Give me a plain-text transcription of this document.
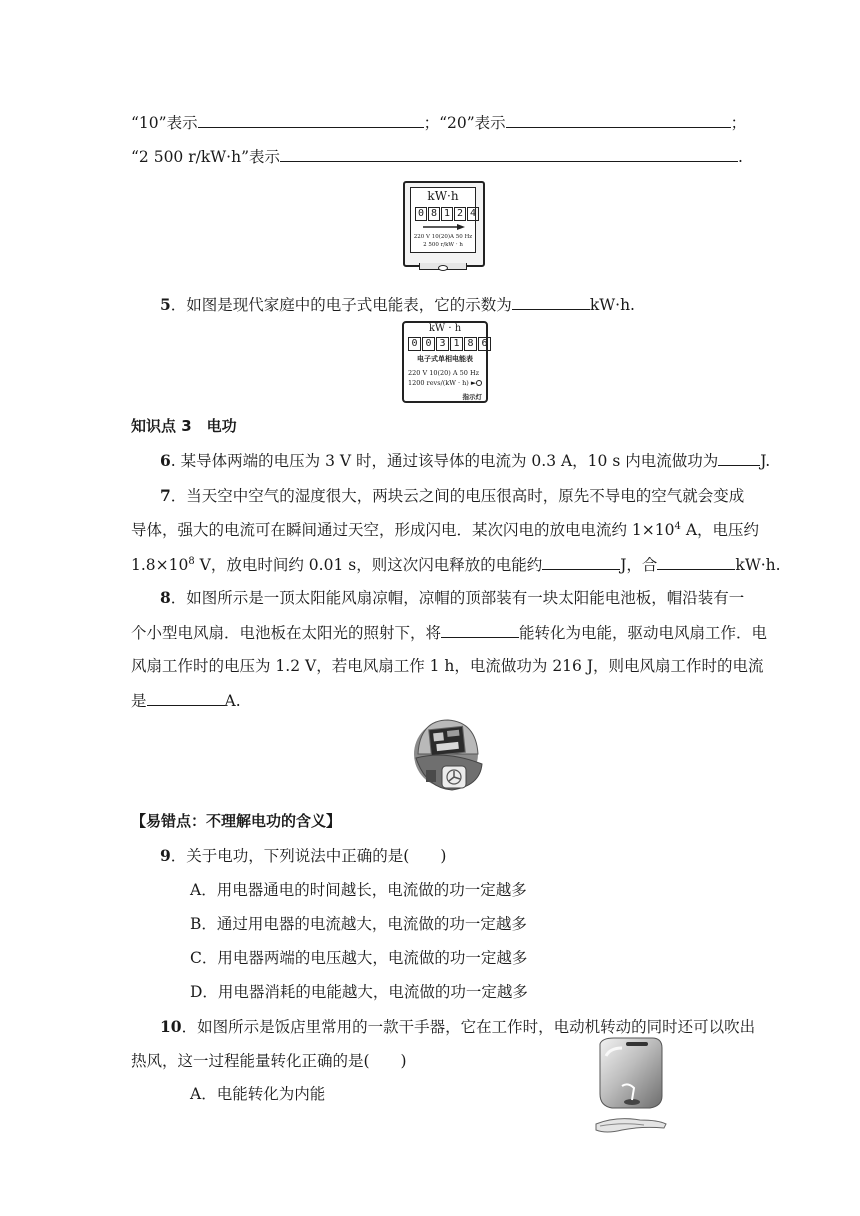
“10”表示	；“20”表示	；
“2 500 r/kW·h”表示	.
kW·h
0 8 1 2 4
220 V 10(20)A 50 Hz
2 500 r/kW · h
5．如图是现代家庭中的电子式电能表，它的示数为	kW·h.
kW · h
0 0 3 1 8 6
电子式单相电能表
220 V 10(20) A 50 Hz
1200 revs/(kW · h) ►
指示灯
知识点 3　电功
6. 某导体两端的电压为 3 V 时，通过该导体的电流为 0.3 A，10 s 内电流做功为	J.
7．当天空中空气的湿度很大，两块云之间的电压很高时，原先不导电的空气就会变成
导体，强大的电流可在瞬间通过天空，形成闪电．某次闪电的放电电流约 $1\times 10^4$ A，电压约
$1.8\times 10^8$ V，放电时间约 0.01 s，则这次闪电释放的电能约	J，合	kW·h.
8．如图所示是一顶太阳能风扇凉帽，凉帽的顶部装有一块太阳能电池板，帽沿装有一
个小型电风扇．电池板在太阳光的照射下，将	能转化为电能，驱动电风扇工作．电
风扇工作时的电压为 1.2 V，若电风扇工作 1 h，电流做功为 216 J，则电风扇工作时的电流
是	A.
【易错点：不理解电功的含义】
9．关于电功，下列说法中正确的是(　　)
A．用电器通电的时间越长，电流做的功一定越多
B．通过用电器的电流越大，电流做的功一定越多
C．用电器两端的电压越大，电流做的功一定越多
D．用电器消耗的电能越大，电流做的功一定越多
10．如图所示是饭店里常用的一款干手器，它在工作时，电动机转动的同时还可以吹出
热风，这一过程能量转化正确的是(　　)
A．电能转化为内能
